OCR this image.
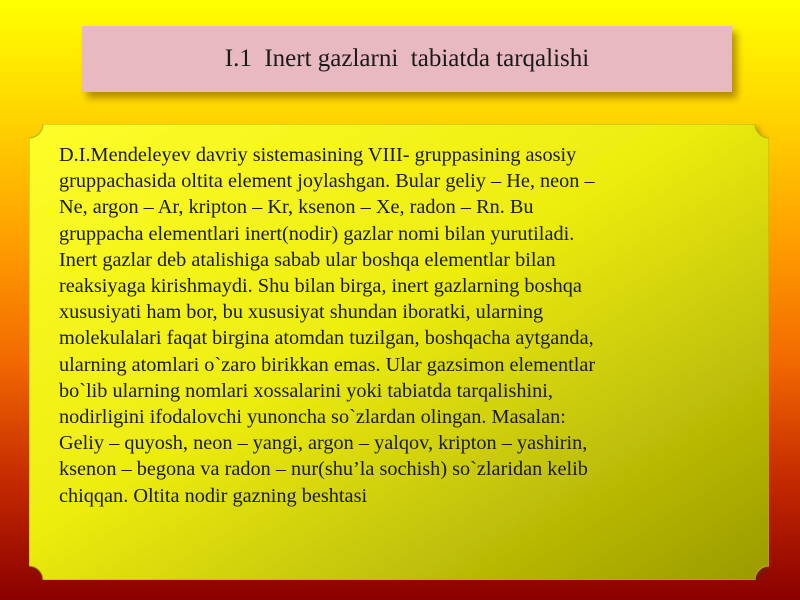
I.1  Inert gazlarni  tabiatda tarqalishi
D.I.Mendeleyev davriy sistemasining VIII- gruppasining asosiy
gruppachasida oltita element joylashgan. Bular geliy – He, neon –
Ne, argon – Ar, kripton – Kr, ksenon – Xe, radon – Rn. Bu
gruppacha elementlari inert(nodir) gazlar nomi bilan yurutiladi.
Inert gazlar deb atalishiga sabab ular boshqa elementlar bilan
reaksiyaga kirishmaydi. Shu bilan birga, inert gazlarning boshqa
xususiyati ham bor, bu xususiyat shundan iboratki, ularning
molekulalari faqat birgina atomdan tuzilgan, boshqacha aytganda,
ularning atomlari o`zaro birikkan emas. Ular gazsimon elementlar
bo`lib ularning nomlari xossalarini yoki tabiatda tarqalishini,
nodirligini ifodalovchi yunoncha so`zlardan olingan. Masalan:
Geliy – quyosh, neon – yangi, argon – yalqov, kripton – yashirin,
ksenon – begona va radon – nur(shu’la sochish) so`zlaridan kelib
chiqqan. Oltita nodir gazning beshtasi
